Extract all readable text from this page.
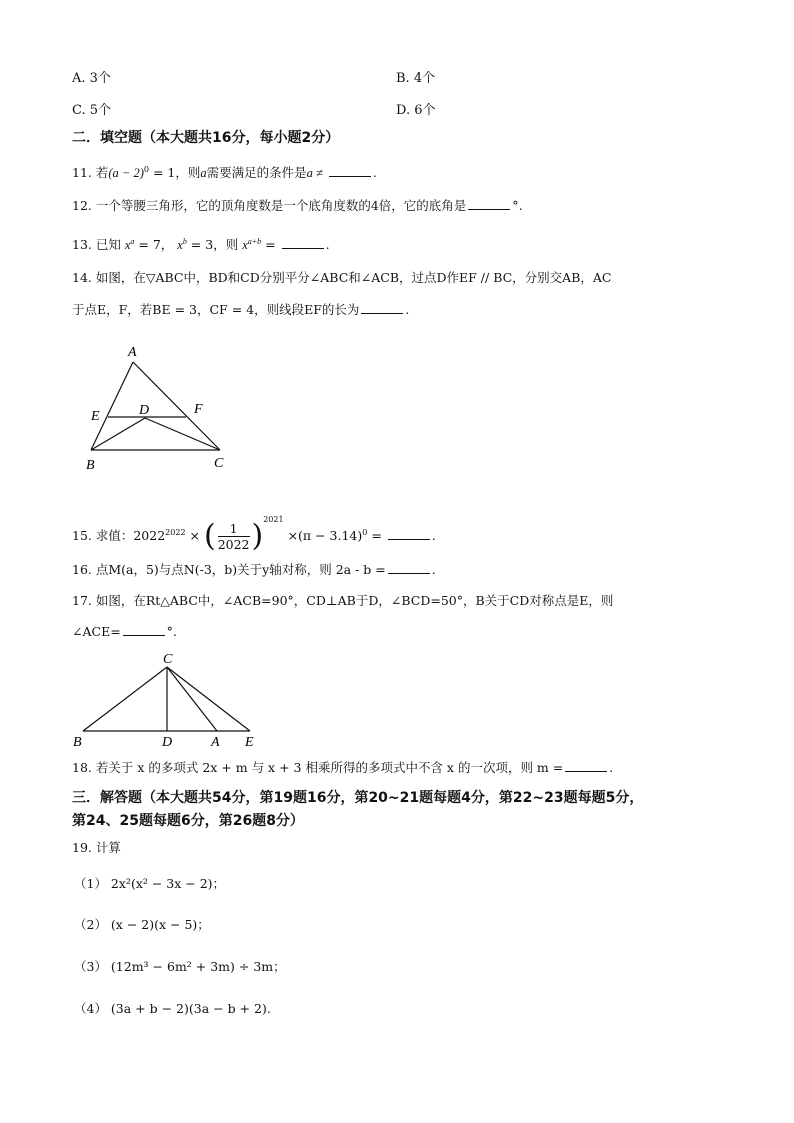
A. 3个	B. 4个
C. 5个	D. 6个
二．填空题（本大题共16分，每小题2分）
11. 若$(a - 2)^0 = 1$，则a需要满足的条件是a ≠	.
12. 一个等腰三角形，它的顶角度数是一个底角度数的4倍，它的底角是	°.
13. 已知 $x^a = 7$， $x^b = 3$，则 $x^{a+b}$ =	.
14. 如图，在▽ABC中，BD和CD分别平分∠ABC和∠ACB，过点D作EF // BC，分别交AB，AC
于点E，F，若BE = 3，CF = 4，则线段EF的长为	.
A
B	C
D
E	F
15. 求值：$2022^{2022}$ × ( $\frac{1}{2022} )^{2021} \times(\pi - 3.14)^0$ =	.
16. 点M(a，5)与点N(-3，b)关于y轴对称，则 2a - b =	.
17. 如图，在Rt△ABC中，∠ACB=90°，CD⊥AB于D，∠BCD=50°，B关于CD对称点是E，则
∠ACE=	°.
C
B	D	A E
18. 若关于 x 的多项式 2x + m 与 x + 3 相乘所得的多项式中不含 x 的一次项，则 m =	.
三．解答题（本大题共54分，第19题16分，第20~21题每题4分，第22~23题每题5分，
第24、25题每题6分，第26题8分）
19. 计算
（1） 2x²(x² − 3x − 2)；
（2） (x − 2)(x − 5)；
（3） (12m³ − 6m² + 3m) ÷ 3m；
（4） (3a + b − 2)(3a − b + 2).
